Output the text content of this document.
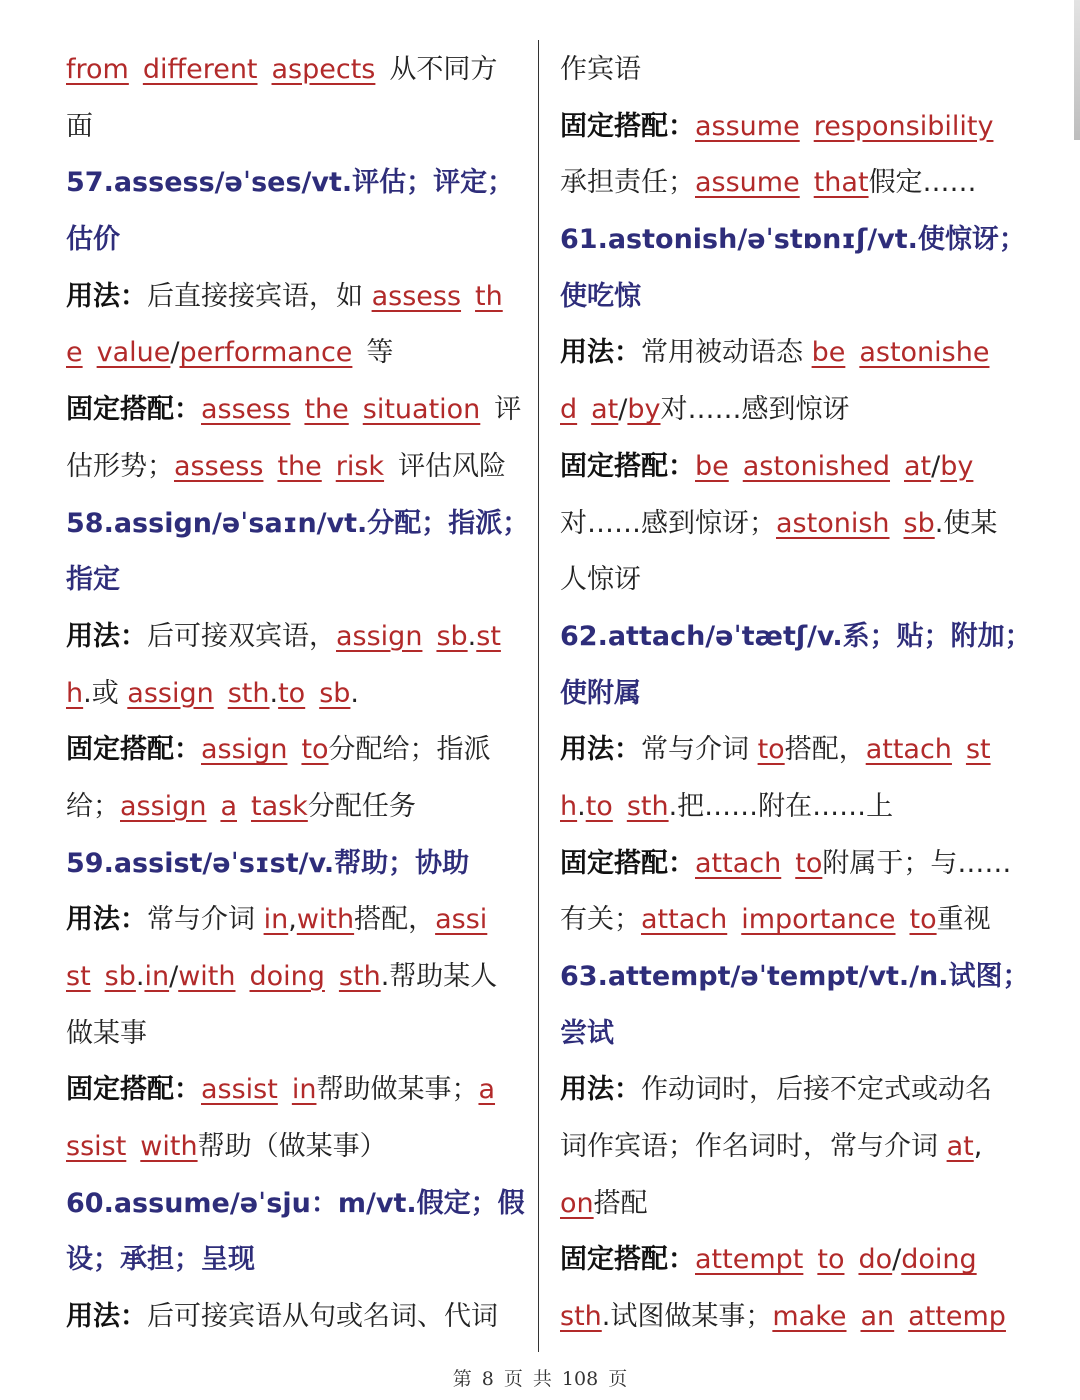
from different aspects 从不同方
面
57.assess/əˈses/vt.评估；评定；
估价
用法：后直接接宾语，如 assess th
e value/performance 等
固定搭配：assess the situation 评
估形势；assess the risk 评估风险
58.assign/əˈsaɪn/vt.分配；指派；
指定
用法：后可接双宾语，assign sb.st
h.或 assign sth.to sb.
固定搭配：assign to分配给；指派
给；assign a task分配任务
59.assist/əˈsɪst/v.帮助；协助
用法：常与介词 in,with搭配，assi
st sb.in/with doing sth.帮助某人
做某事
固定搭配：assist in帮助做某事；a
ssist with帮助（做某事）
60.assume/əˈsju：m/vt.假定；假
设；承担；呈现
用法：后可接宾语从句或名词、代词
作宾语
固定搭配：assume responsibility
承担责任；assume that假定……
61.astonish/əˈstɒnɪʃ/vt.使惊讶；
使吃惊
用法：常用被动语态 be astonishe
d at/by对……感到惊讶
固定搭配：be astonished at/by
对……感到惊讶；astonish sb.使某
人惊讶
62.attach/əˈtætʃ/v.系；贴；附加；
使附属
用法：常与介词 to搭配，attach st
h.to sth.把……附在……上
固定搭配：attach to附属于；与……
有关；attach importance to重视
63.attempt/əˈtempt/vt./n.试图；
尝试
用法：作动词时，后接不定式或动名
词作宾语；作名词时，常与介词 at,
on搭配
固定搭配：attempt to do/doing
sth.试图做某事；make an attemp
第 8 页 共 108 页
